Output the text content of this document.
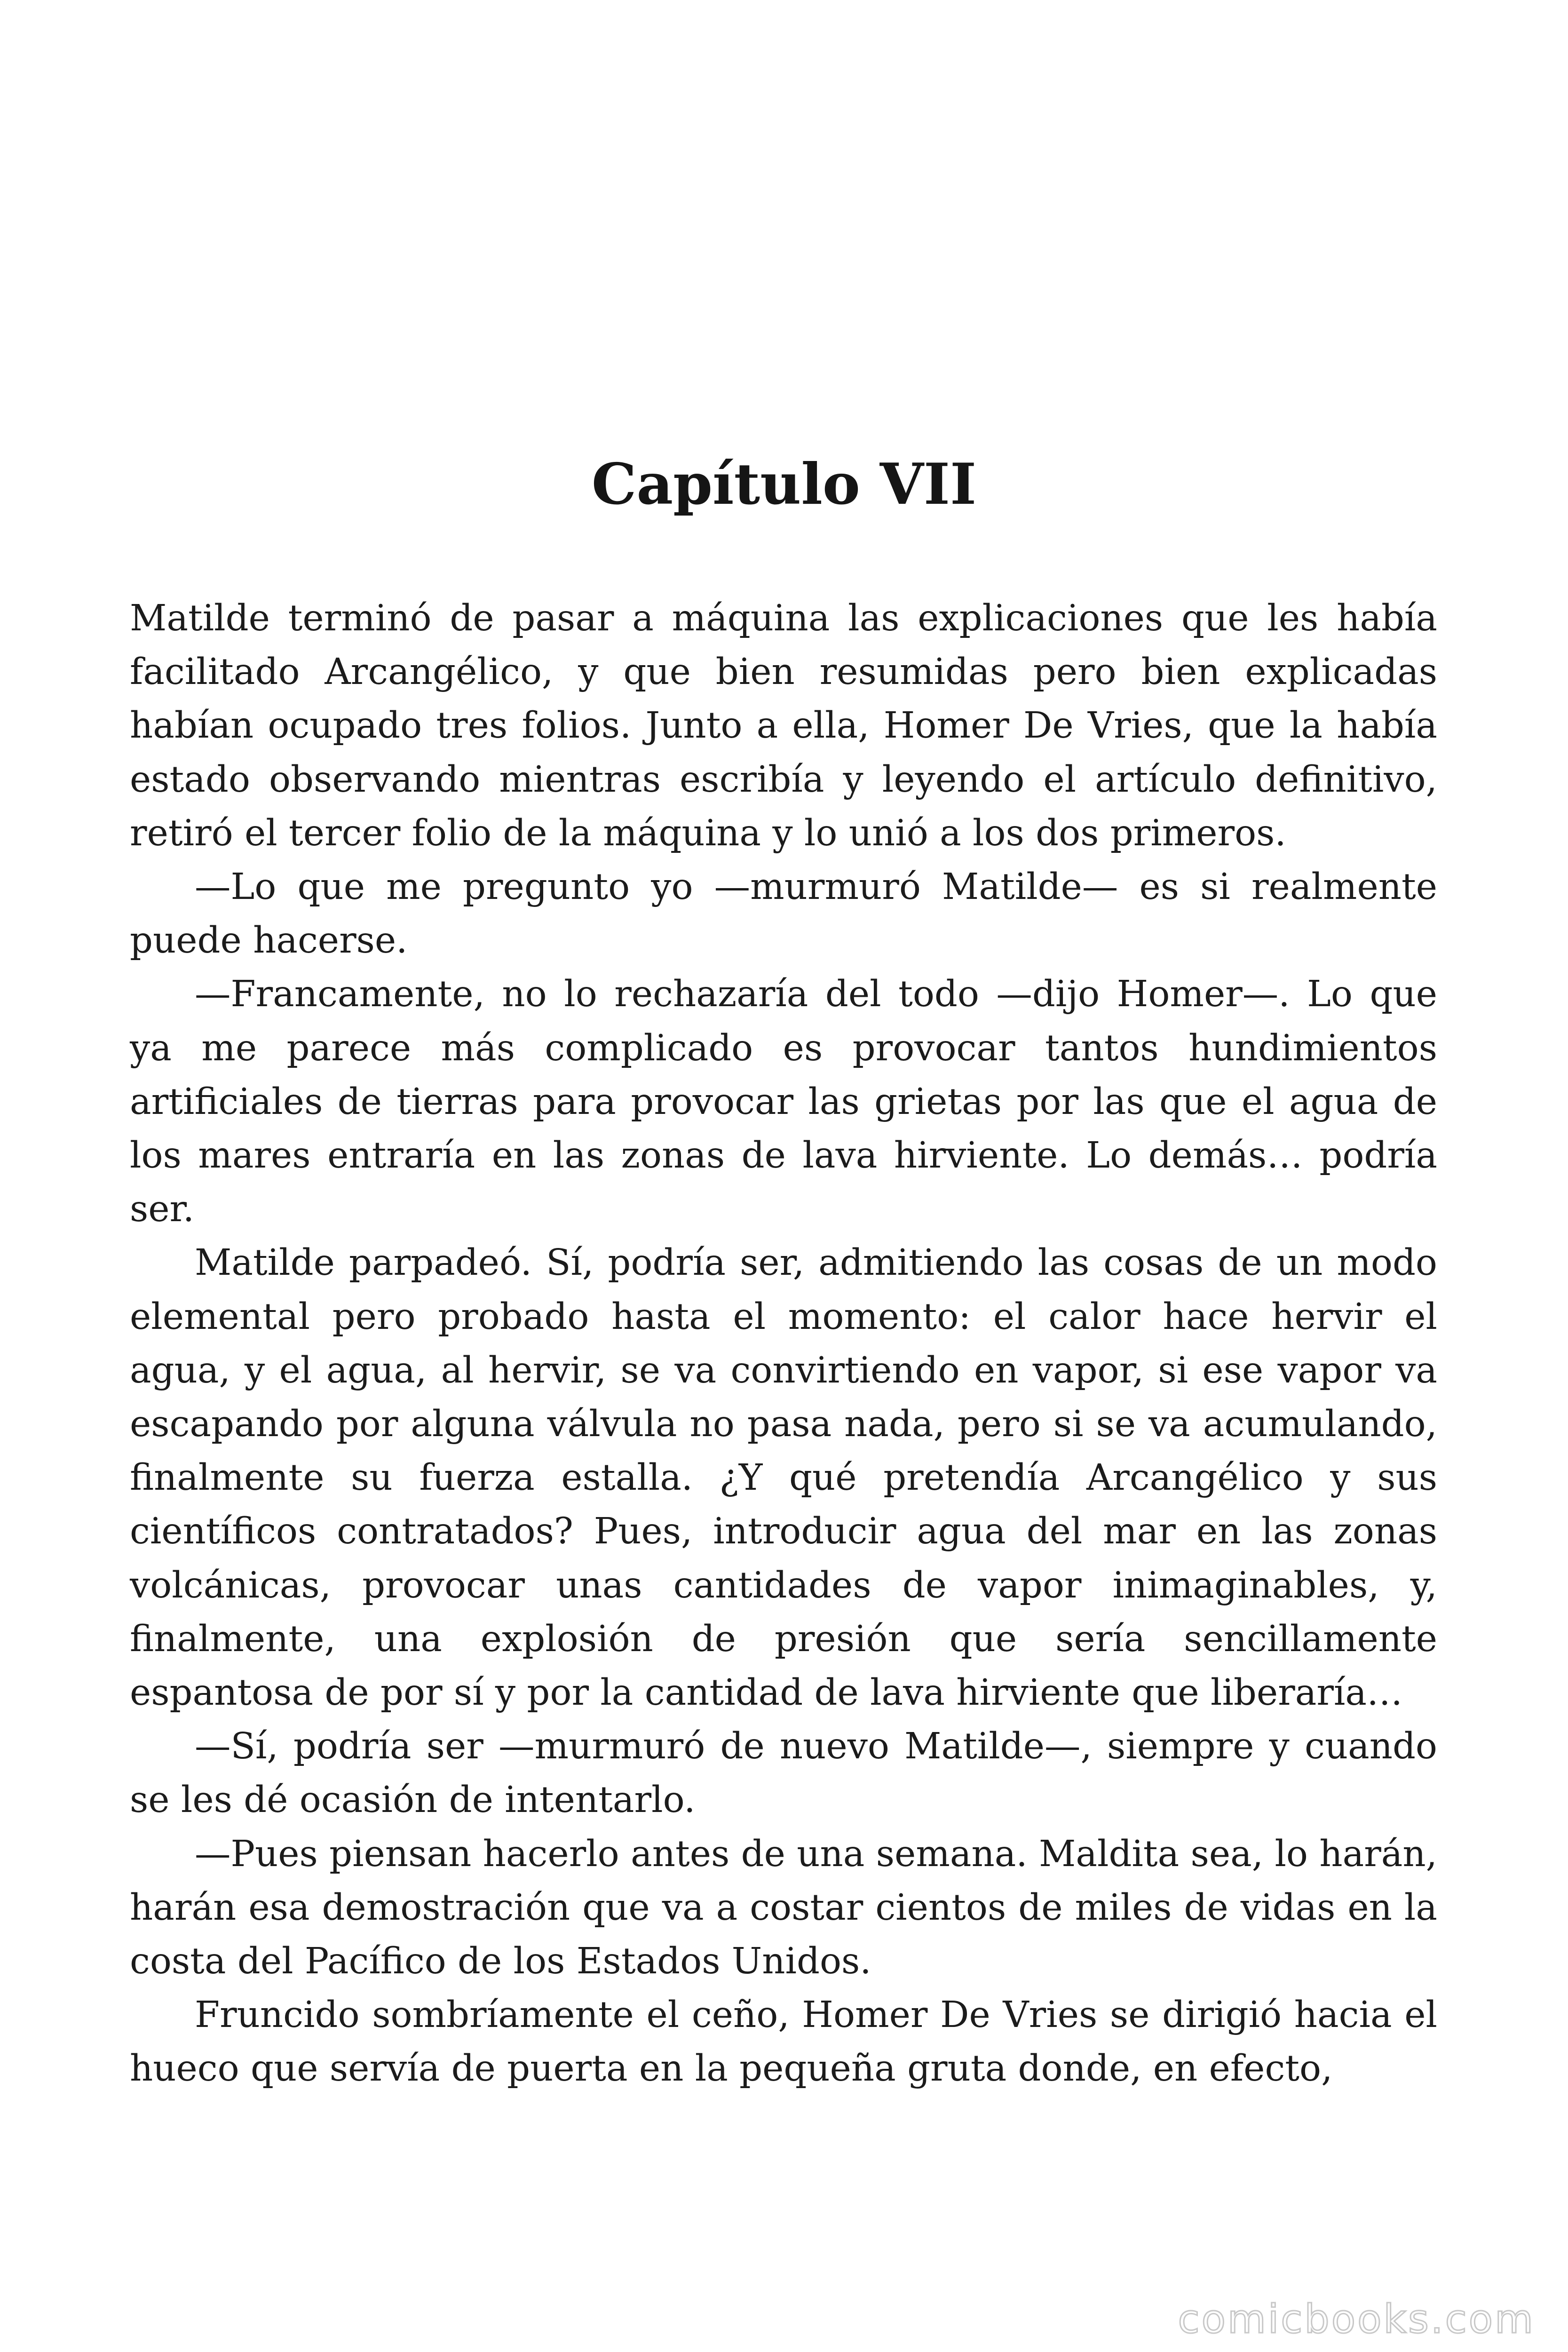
Capítulo VII

Matilde terminó de pasar a máquina las explicaciones que les había facilitado Arcangélico, y que bien resumidas pero bien explicadas habían ocupado tres folios. Junto a ella, Homer De Vries, que la había estado observando mientras escribía y leyendo el artículo definitivo, retiró el tercer folio de la máquina y lo unió a los dos primeros.

—Lo que me pregunto yo —murmuró Matilde— es si realmente puede hacerse.

—Francamente, no lo rechazaría del todo —dijo Homer—. Lo que ya me parece más complicado es provocar tantos hundimientos artificiales de tierras para provocar las grietas por las que el agua de los mares entraría en las zonas de lava hirviente. Lo demás… podría ser.

Matilde parpadeó. Sí, podría ser, admitiendo las cosas de un modo elemental pero probado hasta el momento: el calor hace hervir el agua, y el agua, al hervir, se va convirtiendo en vapor, si ese vapor va escapando por alguna válvula no pasa nada, pero si se va acumulando, finalmente su fuerza estalla. ¿Y qué pretendía Arcangélico y sus científicos contratados? Pues, introducir agua del mar en las zonas volcánicas, provocar unas cantidades de vapor inimaginables, y, finalmente, una explosión de presión que sería sencillamente espantosa de por sí y por la cantidad de lava hirviente que liberaría…

—Sí, podría ser —murmuró de nuevo Matilde—, siempre y cuando se les dé ocasión de intentarlo.

—Pues piensan hacerlo antes de una semana. Maldita sea, lo harán, harán esa demostración que va a costar cientos de miles de vidas en la costa del Pacífico de los Estados Unidos.

Fruncido sombríamente el ceño, Homer De Vries se dirigió hacia el hueco que servía de puerta en la pequeña gruta donde, en efecto,

comicbooks.com
